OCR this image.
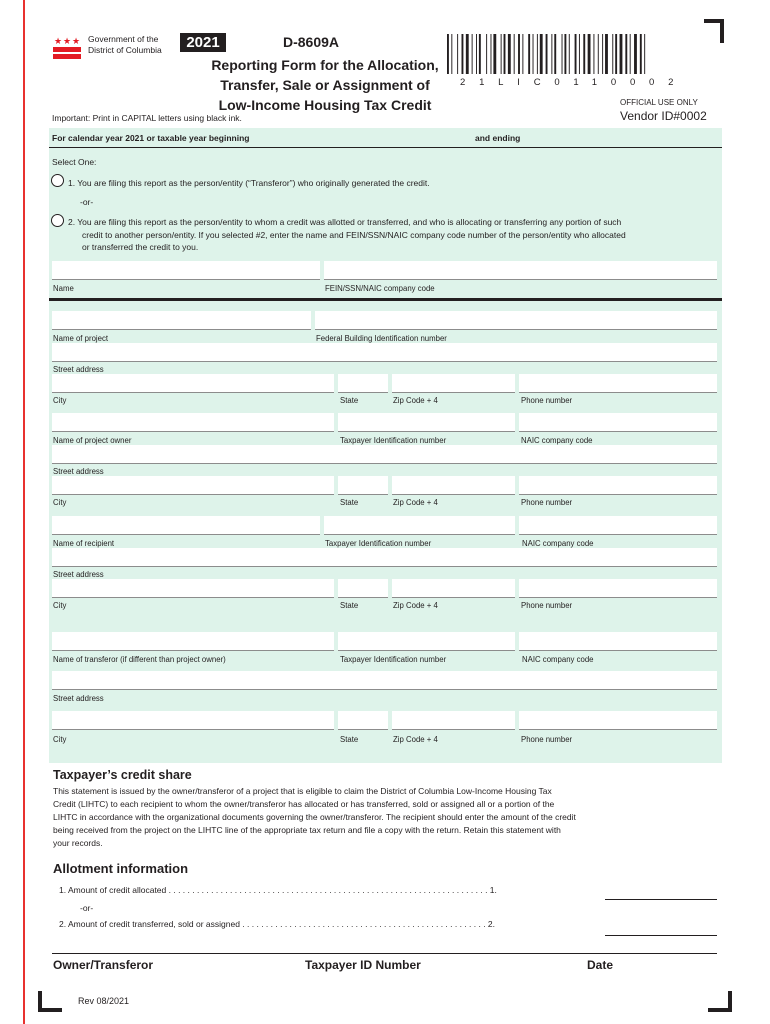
★ ★ ★ Government of the
District of Columbia	2021	D-8609A
Reporting Form for the Allocation,
Transfer, Sale or Assignment of
Low-Income Housing Tax Credit
21LIC0110002
OFFICIAL USE ONLY
Vendor ID#0002
Important: Print in CAPITAL letters using black ink.
For calendar year 2021 or taxable year beginning	and ending
Select One:
1. You are filing this report as the person/entity (“Transferor”) who originally generated the credit.
-or-
2. You are filing this report as the person/entity to whom a credit was allotted or transferred, and who is allocating or transferring any portion of such
credit to another person/entity. If you selected #2, enter the name and FEIN/SSN/NAIC company code number of the person/entity who allocated
or transferred the credit to you.
Name	FEIN/SSN/NAIC company code
Name of project	Federal Building Identification number
Street address
City	State	Zip Code + 4	Phone number
Name of project owner	Taxpayer Identification number	NAIC company code
Street address
City	State	Zip Code + 4	Phone number
Name of recipient	Taxpayer Identification number	NAIC company code
Street address
City	State	Zip Code + 4	Phone number
Name of transferor (if different than project owner)	Taxpayer Identification number	NAIC company code
Street address
City	State	Zip Code + 4	Phone number
Taxpayer’s credit share
This statement is issued by the owner/transferor of a project that is eligible to claim the District of Columbia Low-Income Housing Tax
Credit (LIHTC) to each recipient to whom the owner/transferor has allocated or has transferred, sold or assigned all or a portion of the
LIHTC in accordance with the organizational documents governing the owner/transferor. The recipient should enter the amount of the credit
being received from the project on the LIHTC line of the appropriate tax return and file a copy with the return. Retain this statement with
your records.
Allotment information
1. Amount of credit allocated . . . . . . . . . . . . . . . . . . . . . . . . . . . . . . . . . . . . . . . . . . . . . . . . . . . . . . . . . . . . . . . . . . . . 1.
-or-
2. Amount of credit transferred, sold or assigned . . . . . . . . . . . . . . . . . . . . . . . . . . . . . . . . . . . . . . . . . . . . . . . . . . . . 2.
Owner/Transferor	Taxpayer ID Number	Date
Rev 08/2021
